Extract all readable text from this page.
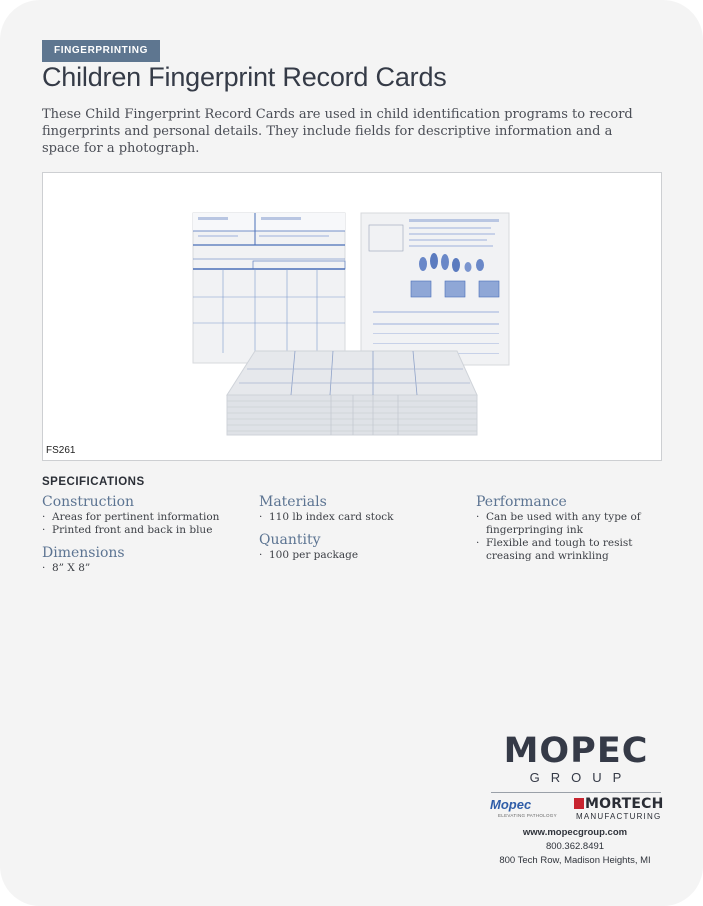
FINGERPRINTING
Children Fingerprint Record Cards

These Child Fingerprint Record Cards are used in child identification programs to record fingerprints and personal details. They include fields for descriptive information and a space for a photograph.

FS261
SPECIFICATIONS
Construction
· Areas for pertinent information
· Printed front and back in blue
Dimensions
· 8” X 8”
Materials
· 110 lb index card stock
Quantity
· 100 per package
Performance
· Can be used with any type of fingerpringing ink
· Flexible and tough to resist creasing and wrinkling
MOPEC
GROUP
Mopec
ELEVATING PATHOLOGY
MORTECH
MANUFACTURING
www.mopecgroup.com
800.362.8491
800 Tech Row, Madison Heights, MI
